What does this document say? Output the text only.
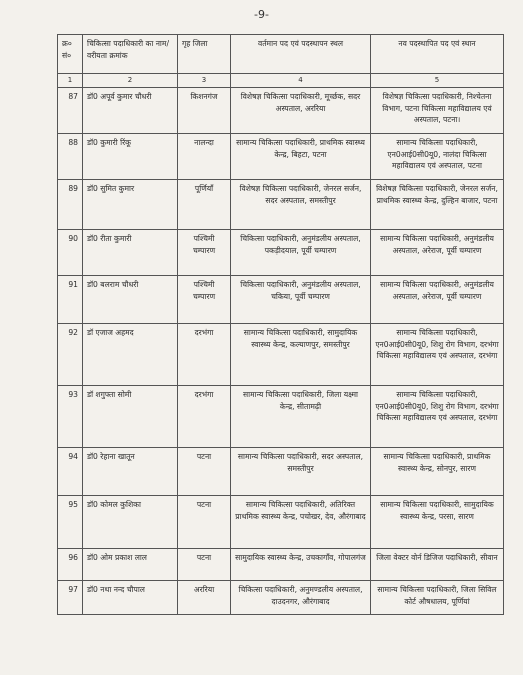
-9-
क्र० सं०	चिकित्सा पदाधिकारी का नाम/वरीयता क्रमांक	गृह जिला	वर्तमान पद एवं पदस्थापन स्थल	नव पदस्थापित पद एवं स्थान
1	2	3	4	5
87	डॉ0 अपूर्व कुमार चौधरी	किशनगंज	विशेषज्ञ चिकित्सा पदाधिकारी, मूर्च्छक, सदर अस्पताल, अररिया	विशेषज्ञ चिकित्सा पदाधिकारी, निश्चेतना विभाग, पटना चिकित्सा महाविद्यालय एवं अस्पताल, पटना।
88	डॉ0 कुमारी रिंकू	नालन्दा	सामान्य चिकित्सा पदाधिकारी, प्राथमिक स्वास्थ्य केन्द्र, बिहटा, पटना	सामान्य चिकित्सा पदाधिकारी, एन0आई0सी0यू0, नालंदा चिकित्सा महाविद्यालय एवं अस्पताल, पटना
89	डॉ0 सुमित कुमार	पूर्णियाँ	विशेषज्ञ चिकित्सा पदाधिकारी, जेनरल सर्जन, सदर अस्पताल, समस्तीपुर	विशेषज्ञ चिकित्सा पदाधिकारी, जेनरल सर्जन, प्राथमिक स्वास्थ्य केन्द्र, दुल्हिन बाजार, पटना
90	डॉ0 रीता कुमारी	पश्चिमी चम्पारण	चिकित्सा पदाधिकारी, अनुमंडलीय अस्पताल, पकड़ीदयाल, पूर्वी चम्पारण	सामान्य चिकित्सा पदाधिकारी, अनुमंडलीय अस्पताल, अरेराज, पूर्वी चम्पारण
91	डॉ0 बलराम चौधरी	पश्चिमी चम्पारण	चिकित्सा पदाधिकारी, अनुमंडलीय अस्पताल, चकिया, पूर्वी चम्पारण	सामान्य चिकित्सा पदाधिकारी, अनुमंडलीय अस्पताल, अरेराज, पूर्वी चम्पारण
92	डॉ एजाज अहमद	दरभंगा	सामान्य चिकित्सा पदाधिकारी, सामुदायिक स्वास्थ्य केन्द्र, कल्याणपुर, समस्तीपुर	सामान्य चिकित्सा पदाधिकारी, एन0आई0सी0यू0, शिशु रोग विभाग, दरभंगा चिकित्सा महाविद्यालय एवं अस्पताल, दरभंगा
93	डॉ शगुफ्ता सोमी	दरभंगा	सामान्य चिकित्सा पदाधिकारी, जिला यक्ष्मा केन्द्र, सीतामढ़ी	सामान्य चिकित्सा पदाधिकारी, एन0आई0सी0यू0, शिशु रोग विभाग, दरभंगा चिकित्सा महाविद्यालय एवं अस्पताल, दरभंगा
94	डॉ0 रेहाना खातून	पटना	सामान्य चिकित्सा पदाधिकारी, सदर अस्पताल, समस्तीपुर	सामान्य चिकित्सा पदाधिकारी, प्राथमिक स्वास्थ्य केन्द्र, सोनपुर, सारण
95	डॉ0 कोमल कुशिका	पटना	सामान्य चिकित्सा पदाधिकारी, अतिरिक्त प्राथमिक स्वास्थ्य केन्द्र, पचोखर, देव, औरंगाबाद	सामान्य चिकित्सा पदाधिकारी, सामुदायिक स्वास्थ्य केन्द्र, परसा, सारण
96	डॉ0 ओम प्रकाश लाल	पटना	सामुदायिक स्वास्थ्य केन्द्र, उचकागाँव, गोपालगंज	जिला वेक्टर वोर्न डिजिज पदाधिकारी, सीवान
97	डॉ0 नथा नन्द चौपाल	अररिया	चिकित्सा पदाधिकारी, अनुमण्डलीय अस्पताल, दाउदनगर, औरंगाबाद	सामान्य चिकित्सा पदाधिकारी, जिला सिविल कोर्ट औषधालय, पूर्णियां
